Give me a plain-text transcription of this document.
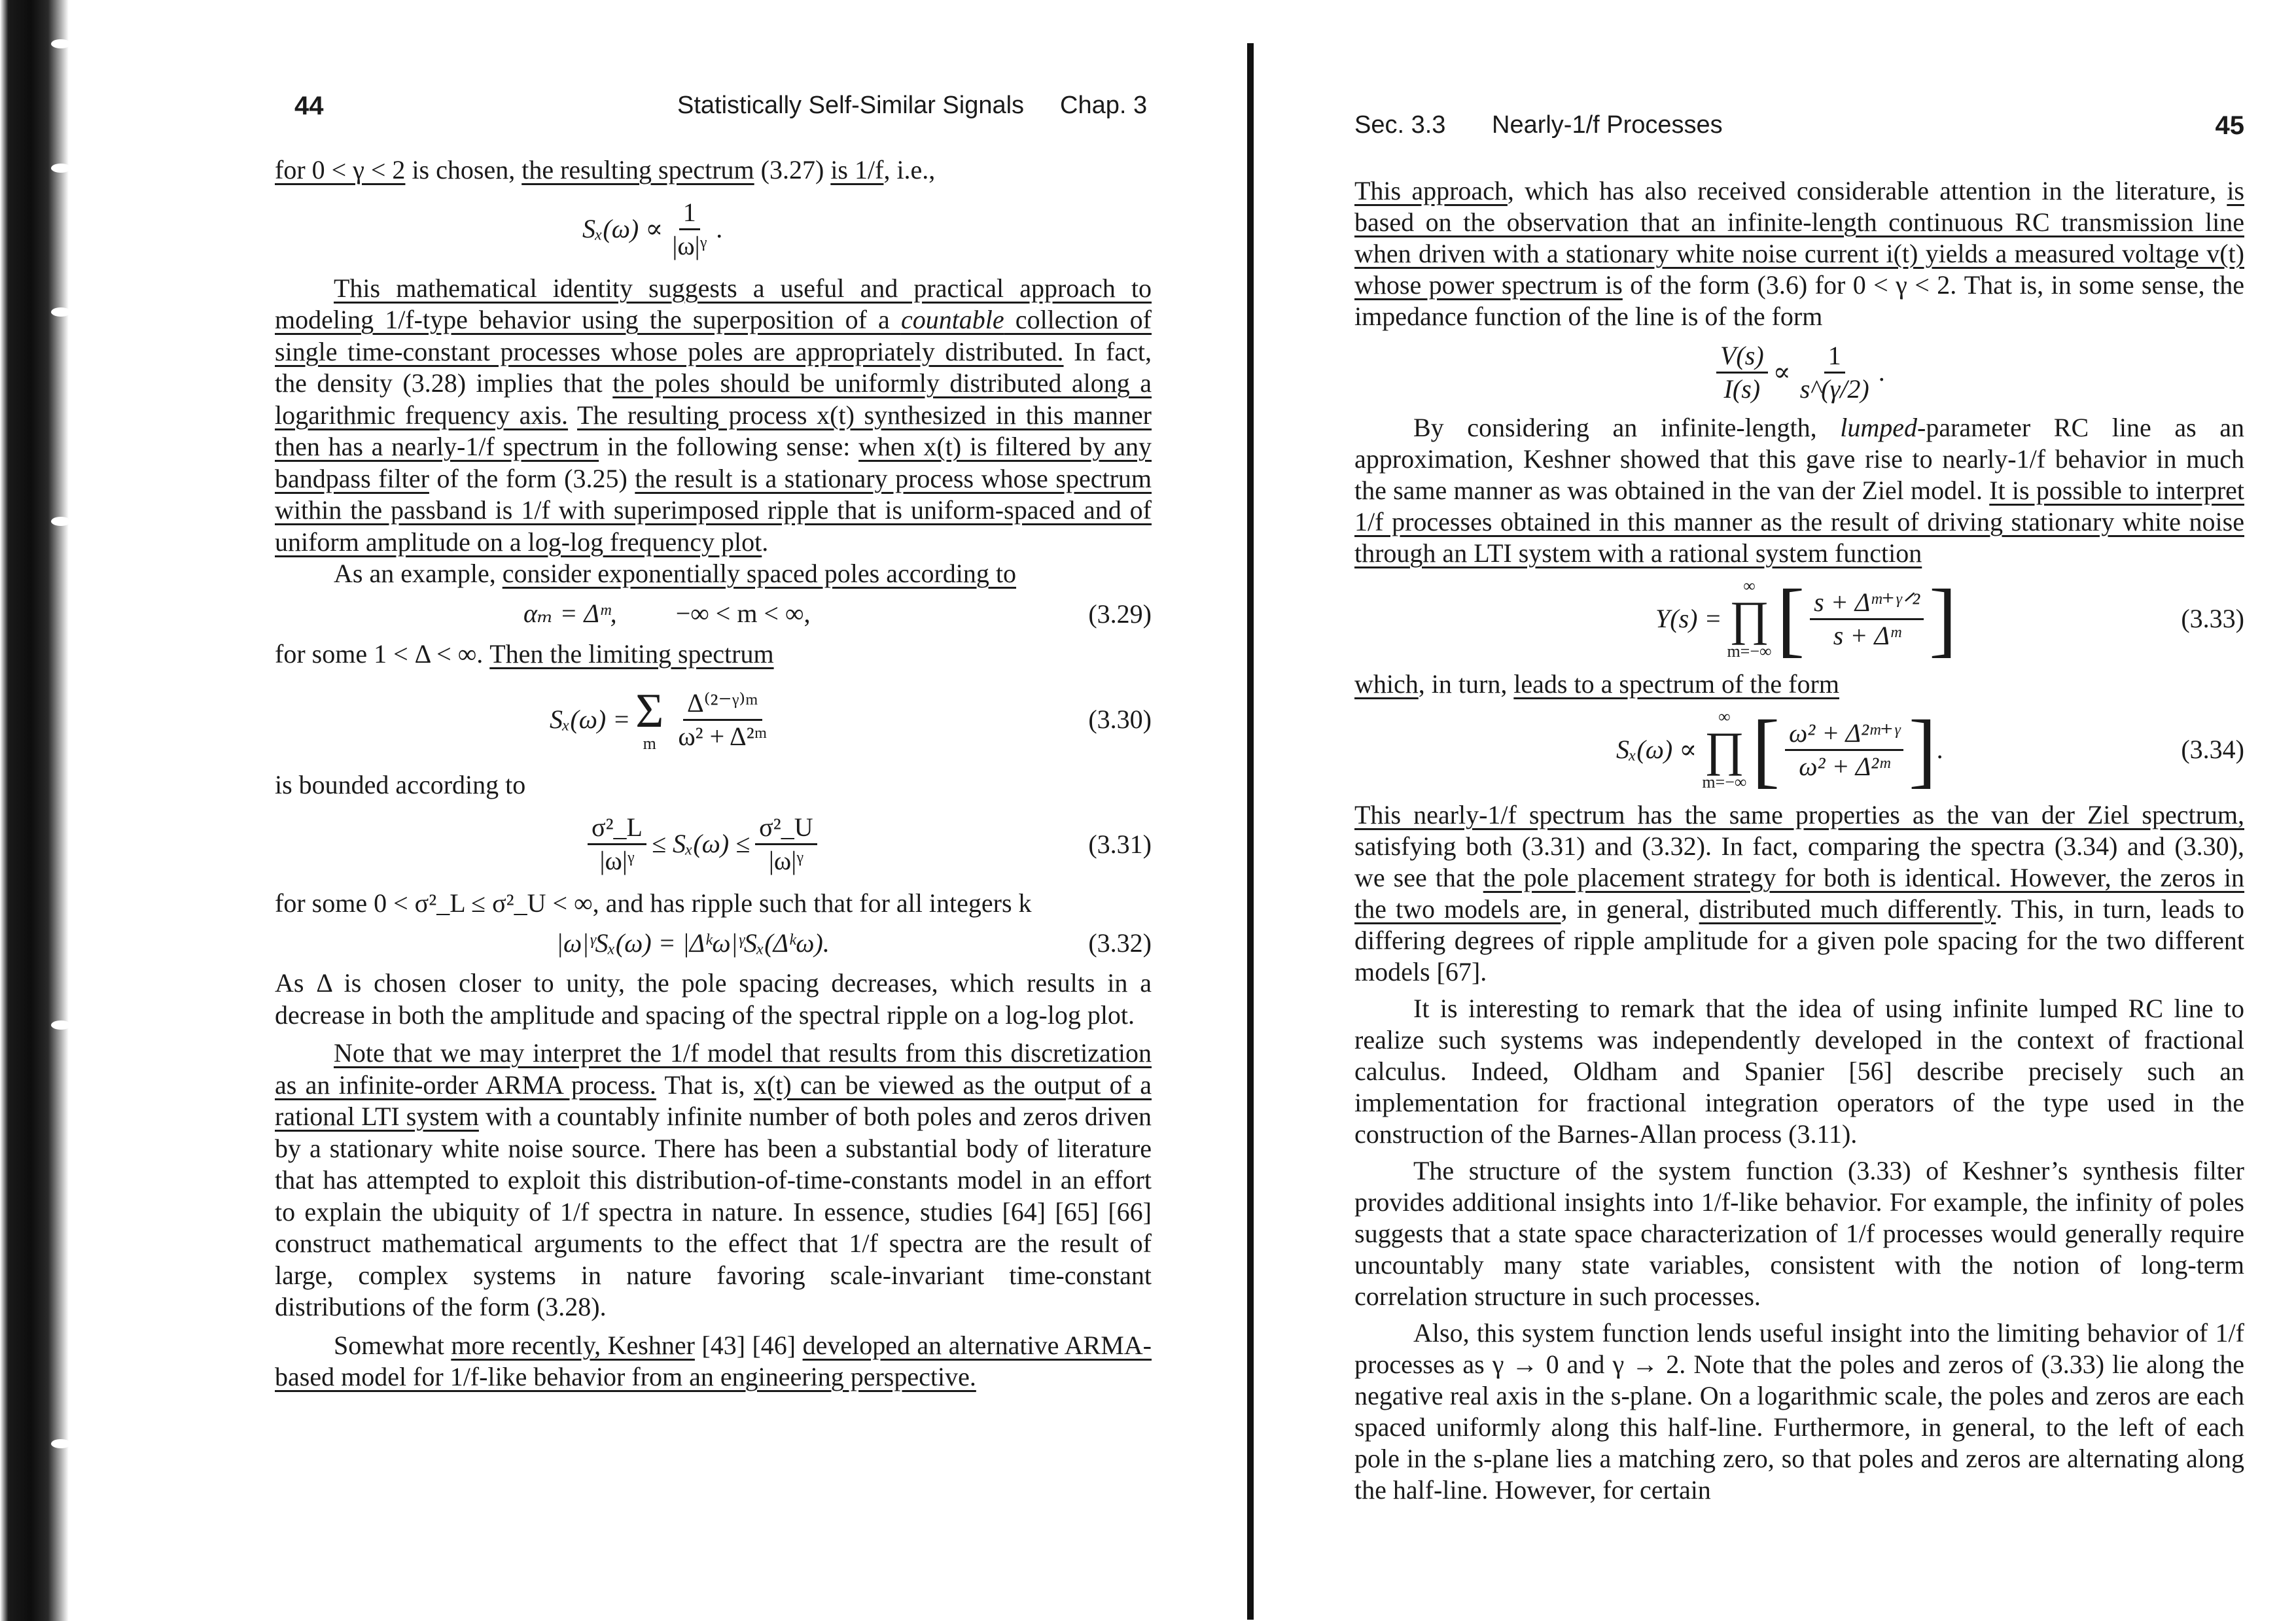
44	Statistically Self-Similar Signals Chap. 3

for 0 < γ < 2 is chosen, the resulting spectrum (3.27) is 1/f, i.e.,

$S_x(\omega) \propto \frac{1}{\text{|ω|ᵞ}}$ .

This mathematical identity suggests a useful and practical approach to modeling 1/f-type behavior using the superposition of a countable collection of single time-constant processes whose poles are appropriately distributed. In fact, the density (3.28) implies that the poles should be uniformly distributed along a logarithmic frequency axis. The resulting process x(t) synthesized in this manner then has a nearly-1/f spectrum in the following sense: when x(t) is filtered by any bandpass filter of the form (3.25) the result is a stationary process whose spectrum within the passband is 1/f with superimposed ripple that is uniform-spaced and of uniform amplitude on a log-log frequency plot.

As an example, consider exponentially spaced poles according to

αₘ = Δᵐ, −∞ < m < ∞,	(3.29)

for some 1 < Δ < ∞. Then the limiting spectrum

Sₓ(ω) = Σ
m $\frac{\text{Δ⁽²⁻ᵞ⁾ᵐ}}{\text{ω² + Δ²ᵐ}}$	(3.30)

is bounded according to

$\frac{\text{σ²\_L}}{\text{|ω|ᵞ}} \le S_x(\omega) \le \frac{\text{σ²\_U}}{\text{|ω|ᵞ}}$	(3.31)

for some 0 < σ²_L ≤ σ²_U < ∞, and has ripple such that for all integers k

|ω|ᵞSₓ(ω) = |Δᵏω|ᵞSₓ(Δᵏω).	(3.32)

As Δ is chosen closer to unity, the pole spacing decreases, which results in a decrease in both the amplitude and spacing of the spectral ripple on a log-log plot.

Note that we may interpret the 1/f model that results from this discretization as an infinite-order ARMA process. That is, x(t) can be viewed as the output of a rational LTI system with a countably infinite number of both poles and zeros driven by a stationary white noise source. There has been a substantial body of literature that has attempted to exploit this distribution-of-time-constants model in an effort to explain the ubiquity of 1/f spectra in nature. In essence, studies [64] [65] [66] construct mathematical arguments to the effect that 1/f spectra are the result of large, complex systems in nature favoring scale-invariant time-constant distributions of the form (3.28).

Somewhat more recently, Keshner [43] [46] developed an alternative ARMA-based model for 1/f-like behavior from an engineering perspective.

Sec. 3.3 Nearly-1/f Processes	45

This approach, which has also received considerable attention in the literature, is based on the observation that an infinite-length continuous RC transmission line when driven with a stationary white noise current i(t) yields a measured voltage v(t) whose power spectrum is of the form (3.6) for 0 < γ < 2. That is, in some sense, the impedance function of the line is of the form

$\frac{V(s)}{I(s)} \propto \frac{1}{s\^{}(\gamma/2)}$ .

By considering an infinite-length, lumped-parameter RC line as an approximation, Keshner showed that this gave rise to nearly-1/f behavior in much the same manner as was obtained in the van der Ziel model. It is possible to interpret 1/f processes obtained in this manner as the result of driving stationary white noise through an LTI system with a rational system function

Υ(s) =
∞
∏
m=−∞ [ $\frac{\text{s + Δᵐ⁺ᵞᐟ²}}{\text{s + Δᵐ}}$ ]	(3.33)

which, in turn, leads to a spectrum of the form

Sₓ(ω) ∝
∞
∏
m=−∞ [ $\frac{\text{ω² + Δ²ᵐ⁺ᵞ}}{\text{ω² + Δ²ᵐ}}$ ] .	(3.34)

This nearly-1/f spectrum has the same properties as the van der Ziel spectrum, satisfying both (3.31) and (3.32). In fact, comparing the spectra (3.34) and (3.30), we see that the pole placement strategy for both is identical. However, the zeros in the two models are, in general, distributed much differently. This, in turn, leads to differing degrees of ripple amplitude for a given pole spacing for the two different models [67].

It is interesting to remark that the idea of using infinite lumped RC line to realize such systems was independently developed in the context of fractional calculus. Indeed, Oldham and Spanier [56] describe precisely such an implementation for fractional integration operators of the type used in the construction of the Barnes-Allan process (3.11).

The structure of the system function (3.33) of Keshner’s synthesis filter provides additional insights into 1/f-like behavior. For example, the infinity of poles suggests that a state space characterization of 1/f processes would generally require uncountably many state variables, consistent with the notion of long-term correlation structure in such processes.

Also, this system function lends useful insight into the limiting behavior of 1/f processes as γ → 0 and γ → 2. Note that the poles and zeros of (3.33) lie along the negative real axis in the s-plane. On a logarithmic scale, the poles and zeros are each spaced uniformly along this half-line. Furthermore, in general, to the left of each pole in the s-plane lies a matching zero, so that poles and zeros are alternating along the half-line. However, for certain
